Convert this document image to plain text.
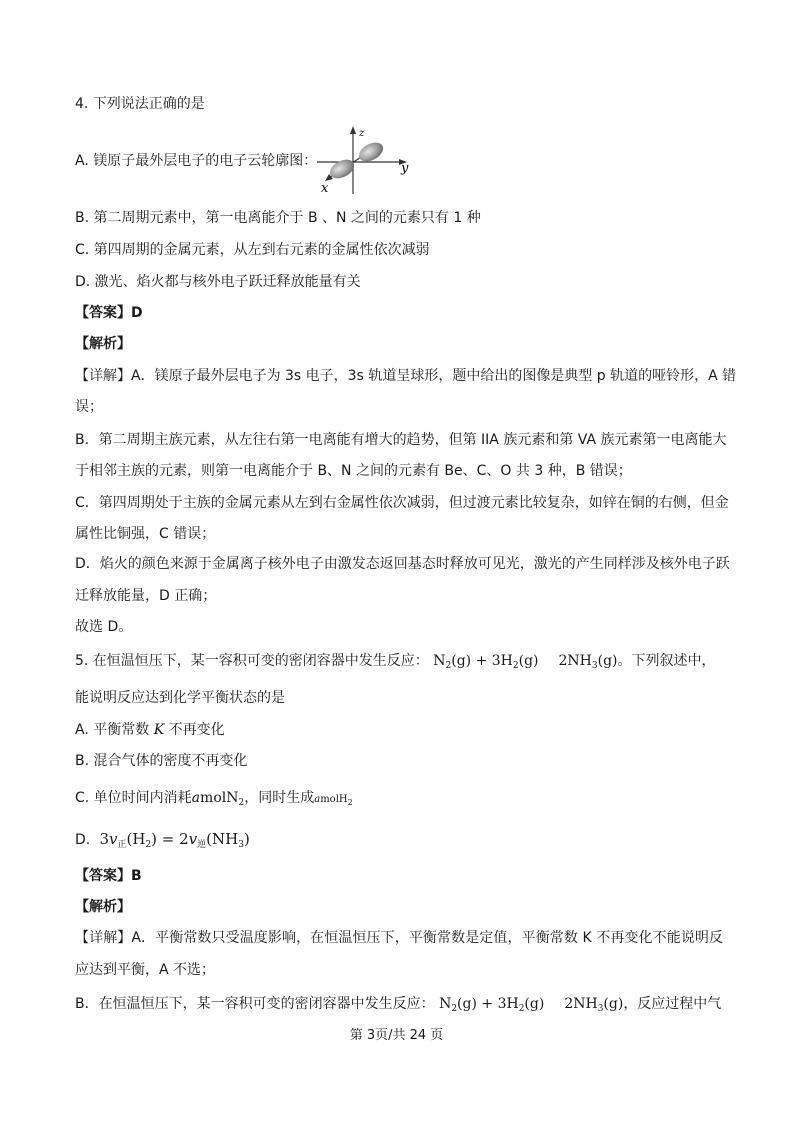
4. 下列说法正确的是
A. 镁原子最外层电子的电子云轮廓图：
z
y
x
B. 第二周期元素中，第一电离能介于 B 、N 之间的元素只有 1 种
C. 第四周期的金属元素，从左到右元素的金属性依次减弱
D. 激光、焰火都与核外电子跃迁释放能量有关
【答案】D
【解析】
【详解】A．镁原子最外层电子为 3s 电子，3s 轨道呈球形，题中给出的图像是典型 p 轨道的哑铃形，A 错
误；
B．第二周期主族元素，从左往右第一电离能有增大的趋势，但第 IIA 族元素和第 VA 族元素第一电离能大
于相邻主族的元素，则第一电离能介于 B、N 之间的元素有 Be、C、O 共 3 种，B 错误；
C．第四周期处于主族的金属元素从左到右金属性依次减弱，但过渡元素比较复杂，如锌在铜的右侧，但金
属性比铜强，C 错误；
D．焰火的颜色来源于金属离子核外电子由激发态返回基态时释放可见光，激光的产生同样涉及核外电子跃
迁释放能量，D 正确；
故选 D。
5. 在恒温恒压下，某一容积可变的密闭容器中发生反应： $N_2(g) + 3H_2(g)$ $2NH_3(g)$。下列叙述中，
能说明反应达到化学平衡状态的是
A. 平衡常数 K 不再变化
B. 混合气体的密度不再变化
C. 单位时间内消耗amolN$_2$，同时生成amolH$_2$
D.  $3v_正(H_2) = 2v_逆(NH_3)$
【答案】B
【解析】
【详解】A．平衡常数只受温度影响，在恒温恒压下，平衡常数是定值，平衡常数 K 不再变化不能说明反
应达到平衡，A 不选；
B．在恒温恒压下，某一容积可变的密闭容器中发生反应： $N_2(g) + 3H_2(g)$ $2NH_3(g)$，反应过程中气
第 3页/共 24 页
